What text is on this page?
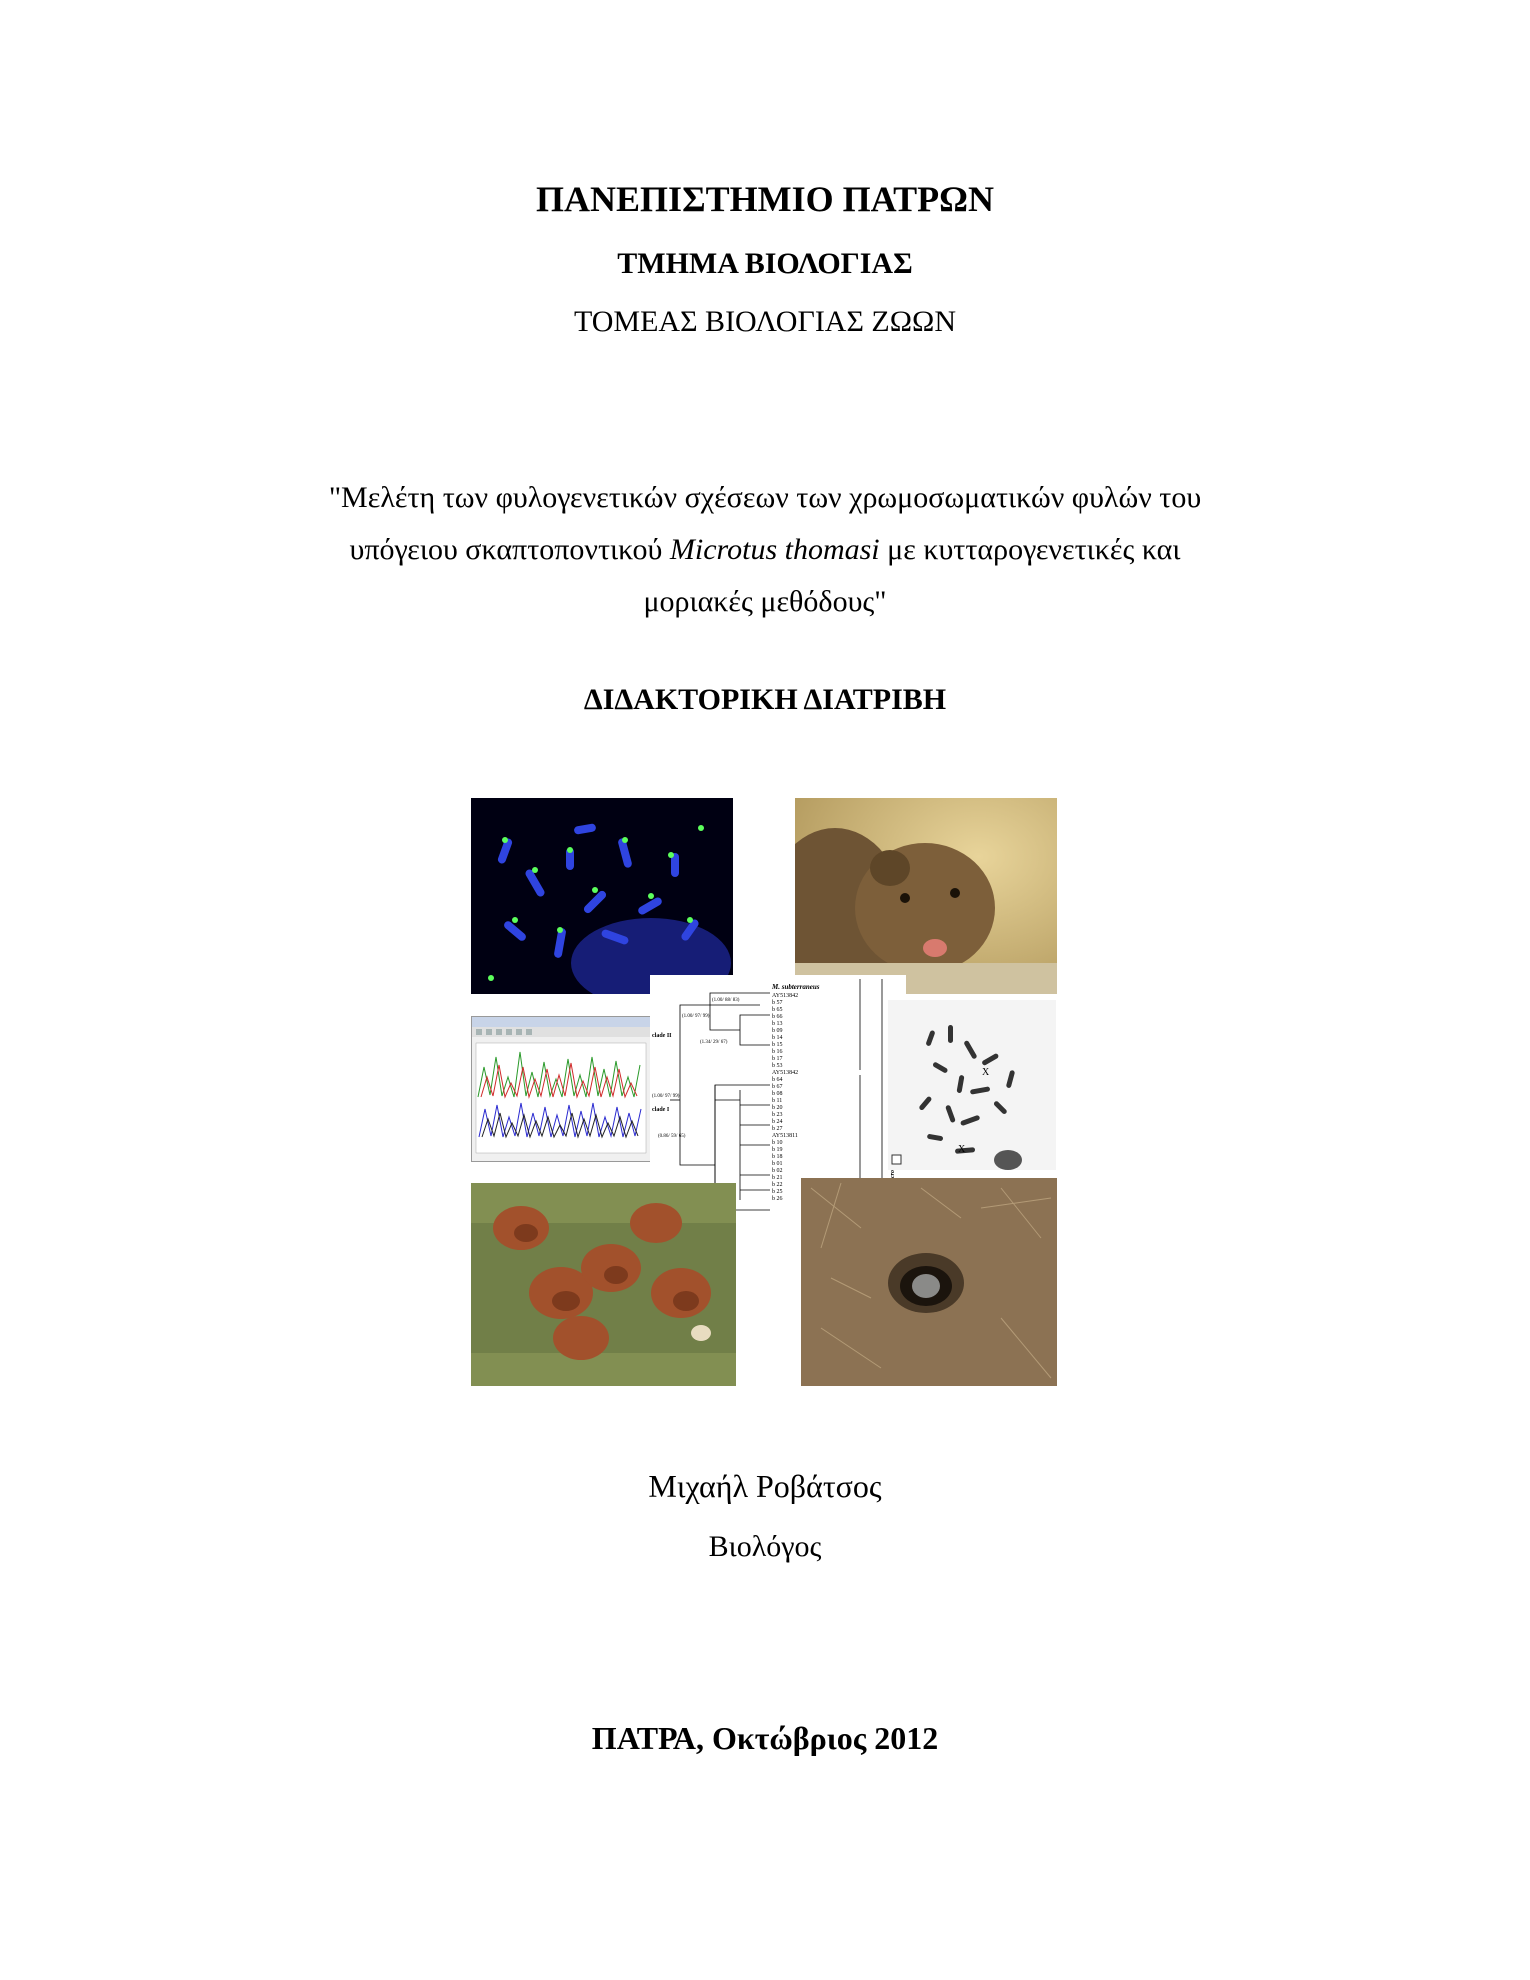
ΠΑΝΕΠΙΣΤΗΜΙΟ ΠΑΤΡΩΝ
ΤΜΗΜΑ ΒΙΟΛΟΓΙΑΣ
ΤΟΜΕΑΣ ΒΙΟΛΟΓΙΑΣ ΖΩΩΝ
"Μελέτη των φυλογενετικών σχέσεων των χρωμοσωματικών φυλών του
υπόγειου σκαπτοποντικού Microtus thomasi με κυτταρογενετικές και
μοριακές μεθόδους"
ΔΙΔΑΚΤΟΡΙΚΗ ΔΙΑΤΡΙΒΗ
M. subterraneus
AY513842
b 57
b 65
b 66
b 13
b 09
b 14
b 15
b 16
b 17
b 53
AY513842
b 64
b 67
b 08
b 11
b 20
b 23
b 24
b 27
AY513811
b 10
b 19
b 18
b 01
b 02
b 21
b 22
b 25
b 26
(1.00/ 88/ 83)
(1.00/ 97/ 99)
(1.34/ 29/ 67)
(1.00/ 97/ 99)
(0.86/ 59/ 65)
clade II
clade I
Microtus
X
X
Μιχαήλ Ροβάτσος
Βιολόγος
ΠΑΤΡΑ, Οκτώβριος 2012
